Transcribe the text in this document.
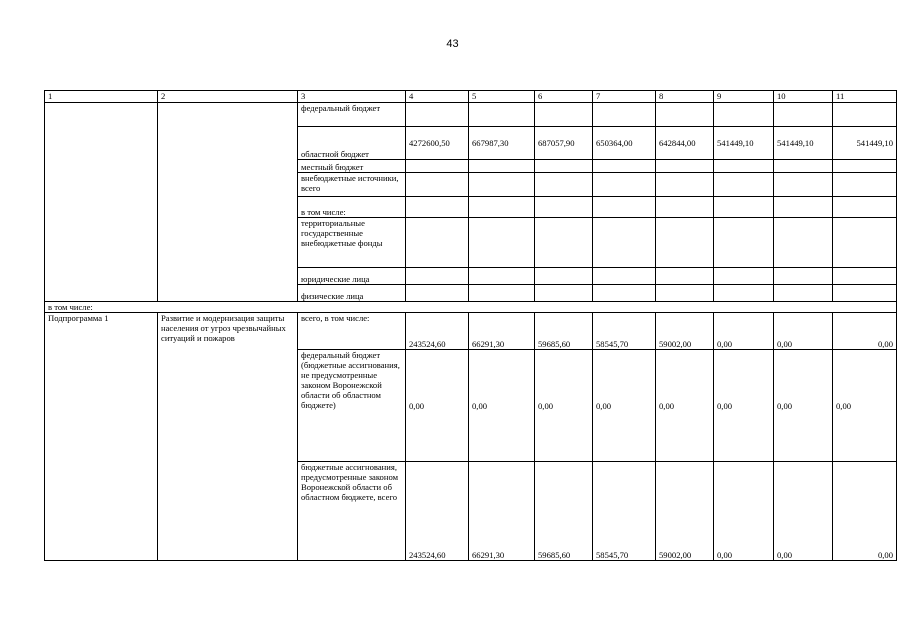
43
1	2	3	4	5	6	7	8	9	10	11
		федеральный бюджет								
		областной бюджет	4272600,50	667987,30	687057,90	650364,00	642844,00	541449,10	541449,10	541449,10
		местный бюджет								
		внебюджетные источники, всего								
		в том числе:								
		территориальные государственные внебюджетные фонды								
		юридические лица								
		физические лица								
в том числе:										
Подпрограмма 1	Развитие и модернизация защиты населения от угроз чрезвычайных ситуаций и пожаров	всего, в том числе:	243524,60	66291,30	59685,60	58545,70	59002,00	0,00	0,00	0,00
		федеральный бюджет (бюджетные ассигнования, не предусмотренные законом Воронежской области об областном бюджете)	0,00	0,00	0,00	0,00	0,00	0,00	0,00	0,00
		бюджетные ассигнования, предусмотренные законом Воронежской области об областном бюджете, всего	243524,60	66291,30	59685,60	58545,70	59002,00	0,00	0,00	0,00
